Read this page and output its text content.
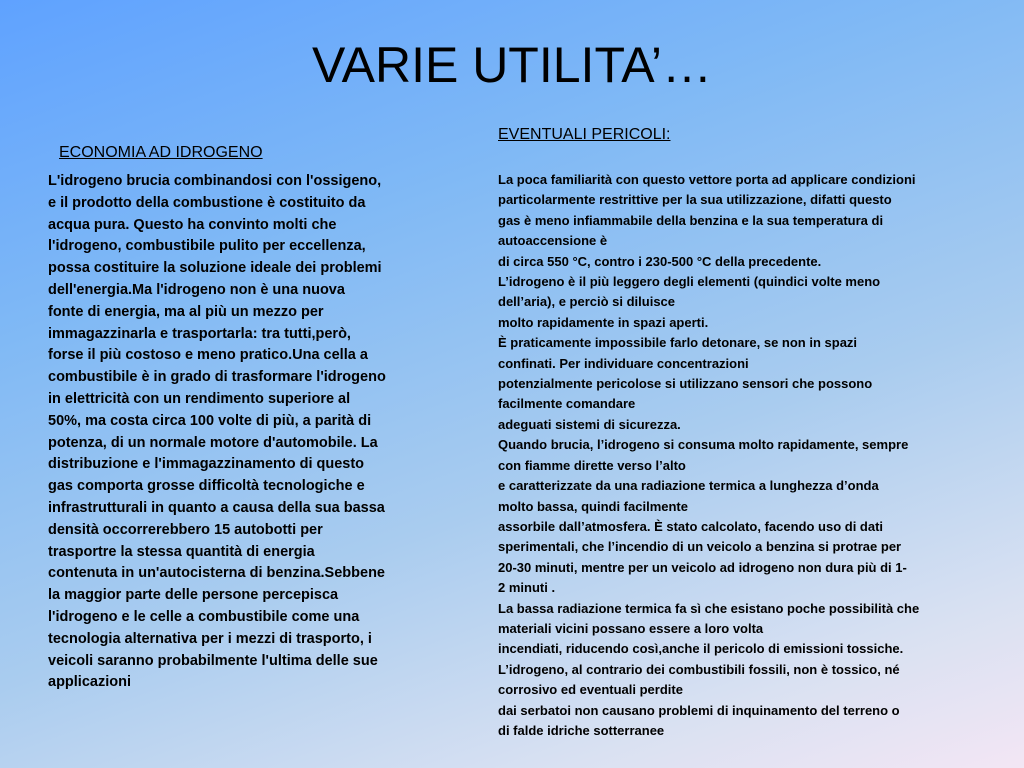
VARIE UTILITA’…
ECONOMIA AD IDROGENO

L'idrogeno brucia combinandosi con l'ossigeno,
e il prodotto della combustione è costituito da
acqua pura. Questo ha convinto molti che
l'idrogeno, combustibile pulito per eccellenza,
possa costituire la soluzione ideale dei problemi
dell'energia.Ma l'idrogeno non è una nuova
fonte di energia, ma al più un mezzo per
immagazzinarla e trasportarla: tra tutti,però,
forse il più costoso e meno pratico.Una cella a
combustibile è in grado di trasformare l'idrogeno
in elettricità con un rendimento superiore al
50%, ma costa circa 100 volte di più, a parità di
potenza, di un normale motore d'automobile. La
distribuzione e l'immagazzinamento di questo
gas comporta grosse difficoltà tecnologiche e
infrastrutturali in quanto a causa della sua bassa
densità occorrerebbero 15 autobotti per
trasportre la stessa quantità di energia
contenuta in un'autocisterna di benzina.Sebbene
la maggior parte delle persone percepisca
l'idrogeno e le celle a combustibile come una
tecnologia alternativa per i mezzi di trasporto, i
veicoli saranno probabilmente l'ultima delle sue
applicazioni

EVENTUALI PERICOLI:

La poca familiarità con questo vettore porta ad applicare condizioni
particolarmente restrittive per la sua utilizzazione, difatti questo
gas è meno infiammabile della benzina e la sua temperatura di
autoaccensione è
di circa 550 °C, contro i 230-500 °C della precedente.
L’idrogeno è il più leggero degli elementi (quindici volte meno
dell’aria), e perciò si diluisce
molto rapidamente in spazi aperti.
È praticamente impossibile farlo detonare, se non in spazi
confinati. Per individuare concentrazioni
potenzialmente pericolose si utilizzano sensori che possono
facilmente comandare
adeguati sistemi di sicurezza.
Quando brucia, l’idrogeno si consuma molto rapidamente, sempre
con fiamme dirette verso l’alto
e caratterizzate da una radiazione termica a lunghezza d’onda
molto bassa, quindi facilmente
assorbile dall’atmosfera. È stato calcolato, facendo uso di dati
sperimentali, che l’incendio di un veicolo a benzina si protrae per
20-30 minuti, mentre per un veicolo ad idrogeno non dura più di 1-
2 minuti .
La bassa radiazione termica fa sì che esistano poche possibilità che
materiali vicini possano essere a loro volta
incendiati, riducendo così,anche il pericolo di emissioni tossiche.
L’idrogeno, al contrario dei combustibili fossili, non è tossico, né
corrosivo ed eventuali perdite
dai serbatoi non causano problemi di inquinamento del terreno o
di falde idriche sotterranee
